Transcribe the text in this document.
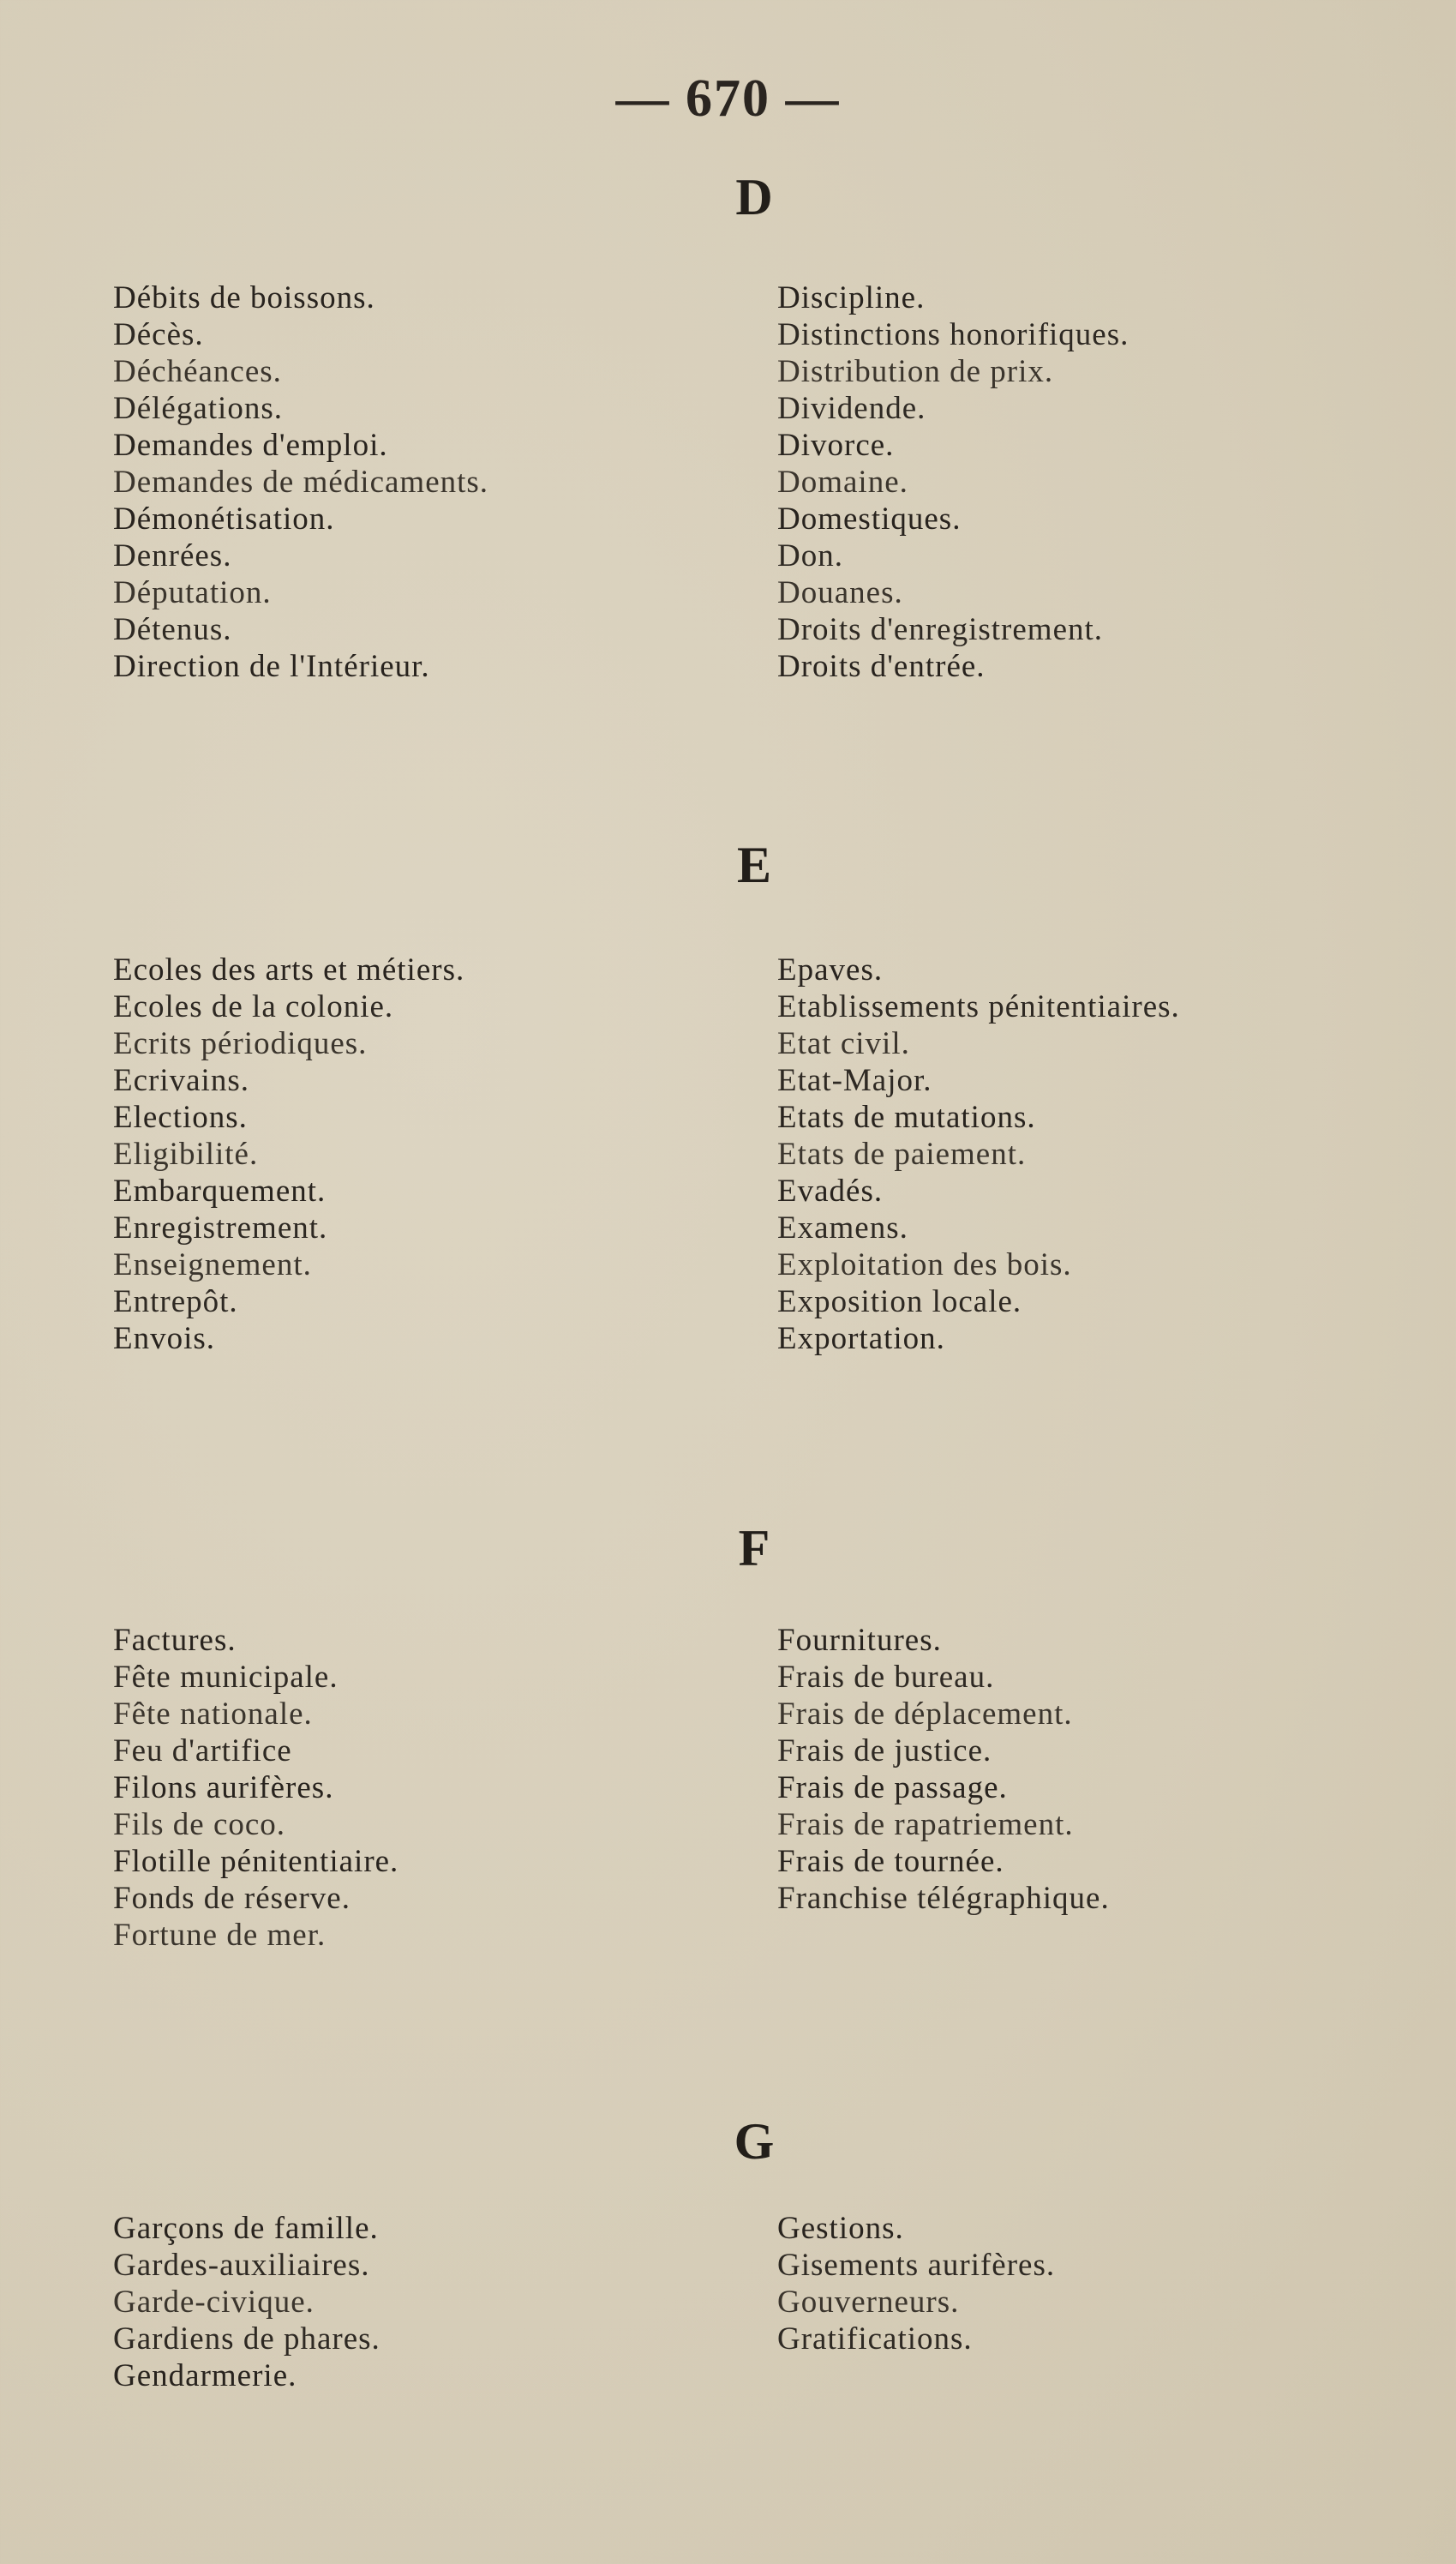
— 670 —
D
Débits de boissons.
Décès.
Déchéances.
Délégations.
Demandes d'emploi.
Demandes de médicaments.
Démonétisation.
Denrées.
Députation.
Détenus.
Direction de l'Intérieur.
Discipline.
Distinctions honorifiques.
Distribution de prix.
Dividende.
Divorce.
Domaine.
Domestiques.
Don.
Douanes.
Droits d'enregistrement.
Droits d'entrée.
E
Ecoles des arts et métiers.
Ecoles de la colonie.
Ecrits périodiques.
Ecrivains.
Elections.
Eligibilité.
Embarquement.
Enregistrement.
Enseignement.
Entrepôt.
Envois.
Epaves.
Etablissements pénitentiaires.
Etat civil.
Etat-Major.
Etats de mutations.
Etats de paiement.
Evadés.
Examens.
Exploitation des bois.
Exposition locale.
Exportation.
F
Factures.
Fête municipale.
Fête nationale.
Feu d'artifice
Filons aurifères.
Fils de coco.
Flotille pénitentiaire.
Fonds de réserve.
Fortune de mer.
Fournitures.
Frais de bureau.
Frais de déplacement.
Frais de justice.
Frais de passage.
Frais de rapatriement.
Frais de tournée.
Franchise télégraphique.
G
Garçons de famille.
Gardes-auxiliaires.
Garde-civique.
Gardiens de phares.
Gendarmerie.
Gestions.
Gisements aurifères.
Gouverneurs.
Gratifications.
